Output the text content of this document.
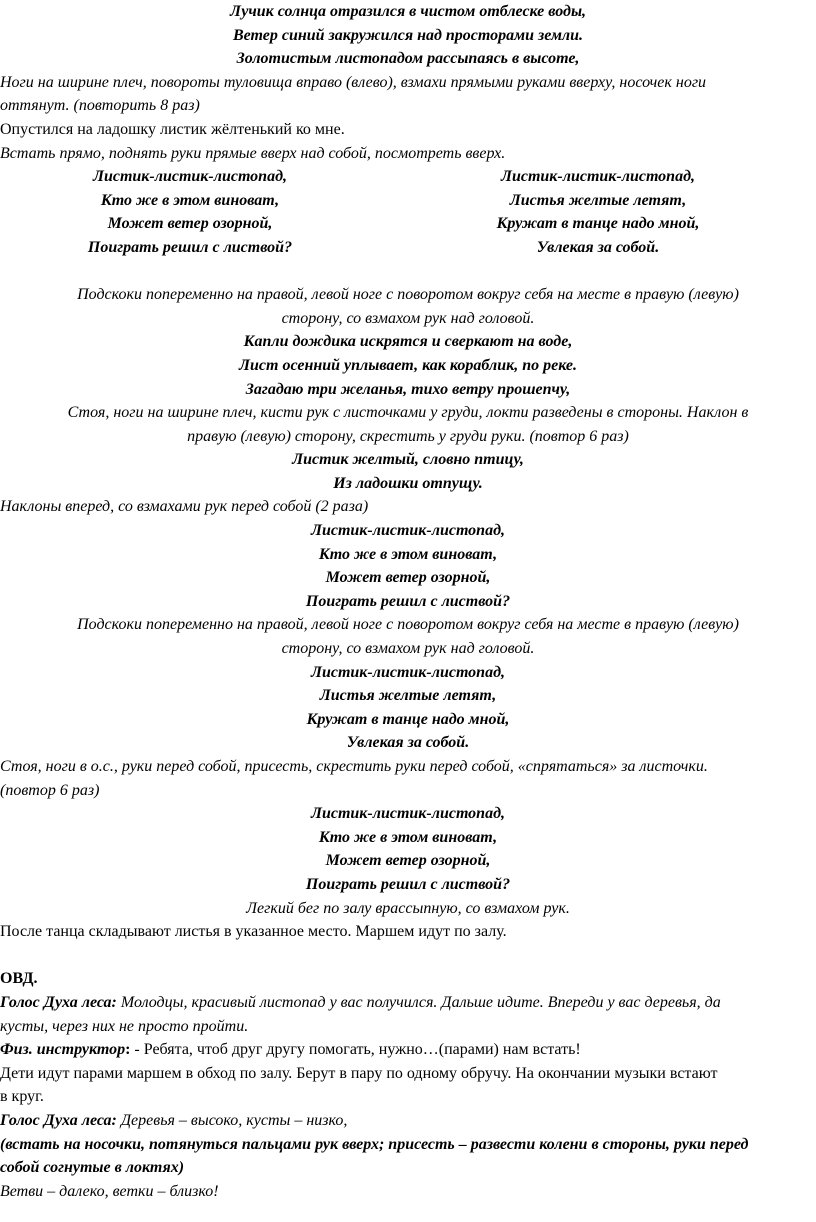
Лучик солнца отразился в чистом отблеске воды,

Ветер синий закружился над просторами земли.

Золотистым листопадом рассыпаясь в высоте,

Ноги на ширине плеч, повороты туловища вправо (влево), взмахи прямыми руками вверху, носочек ноги

оттянут. (повторить 8 раз)

Опустился на ладошку листик жёлтенький ко мне.

Встать прямо, поднять руки прямые вверх над собой, посмотреть вверх.

Листик-листик-листопад,

Кто же в этом виноват,

Может ветер озорной,

Поиграть решил с листвой?

Листик-листик-листопад,

Листья желтые летят,

Кружат в танце надо мной,

Увлекая за собой.

Подскоки попеременно на правой, левой ноге с поворотом вокруг себя на месте в правую (левую)

сторону, со взмахом рук над головой.

Капли дождика искрятся и сверкают на воде,

Лист осенний уплывает, как кораблик, по реке.

Загадаю три желанья, тихо ветру прошепчу,

Стоя, ноги на ширине плеч, кисти рук с листочками у груди, локти разведены в стороны. Наклон в

правую (левую) сторону, скрестить у груди руки. (повтор 6 раз)

Листик желтый, словно птицу,

Из ладошки отпущу.

Наклоны вперед, со взмахами рук перед собой (2 раза)

Листик-листик-листопад,

Кто же в этом виноват,

Может ветер озорной,

Поиграть решил с листвой?

Подскоки попеременно на правой, левой ноге с поворотом вокруг себя на месте в правую (левую)

сторону, со взмахом рук над головой.

Листик-листик-листопад,

Листья желтые летят,

Кружат в танце надо мной,

Увлекая за собой.

Стоя, ноги в о.с., руки перед собой, присесть, скрестить руки перед собой, «спрятаться» за листочки.

(повтор 6 раз)

Листик-листик-листопад,

Кто же в этом виноват,

Может ветер озорной,

Поиграть решил с листвой?

Легкий бег по залу врассыпную, со взмахом рук.

После танца складывают листья в указанное место. Маршем идут по залу.

ОВД.

Голос Духа леса: Молодцы, красивый листопад у вас получился. Дальше идите. Впереди у вас деревья, да

кусты, через них не просто пройти.

Физ. инструктор: - Ребята, чтоб друг другу помогать, нужно…(парами) нам встать!

Дети идут парами маршем в обход по залу. Берут в пару по одному обручу. На окончании музыки встают

в круг.

Голос Духа леса: Деревья – высоко, кусты – низко,

(встать на носочки, потянуться пальцами рук вверх; присесть – развести колени в стороны, руки перед

собой согнутые в локтях)

Ветви – далеко, ветки – близко!
